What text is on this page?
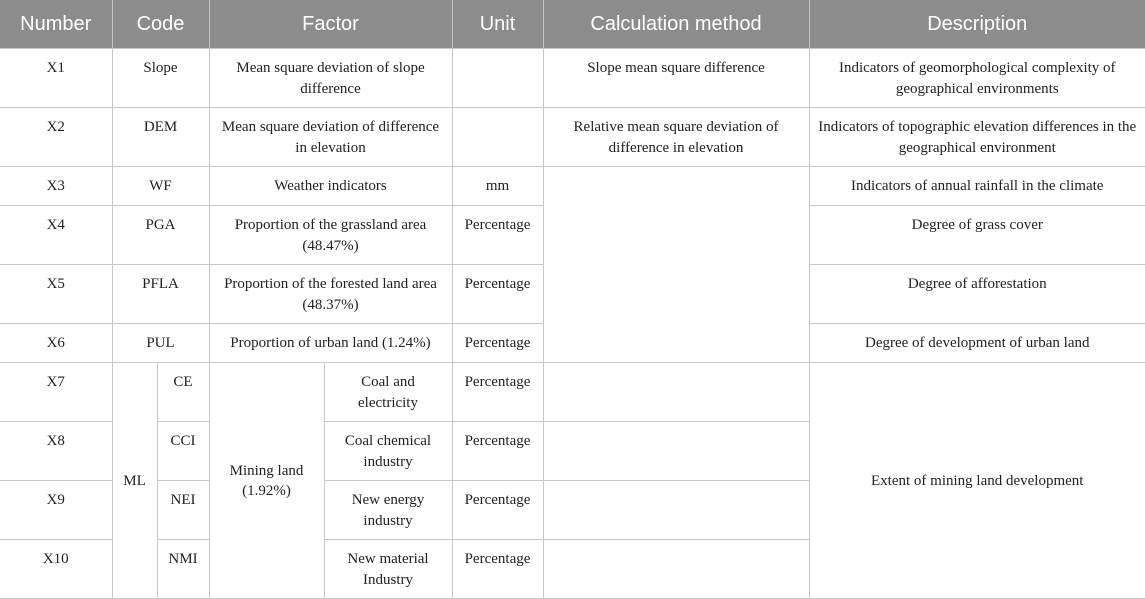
Number	Code		Factor		Unit	Calculation method	Description
X1	Slope		Mean square deviation of slope difference			Slope mean square difference	Indicators of geomorphological complexity of geographical environments
X2	DEM		Mean square deviation of difference in elevation			Relative mean square deviation of difference in elevation	Indicators of topographic elevation differences in the geographical environment
X3	WF		Weather indicators		mm		Indicators of annual rainfall in the climate
X4	PGA		Proportion of the grassland area (48.47%)		Percentage		Degree of grass cover
X5	PFLA		Proportion of the forested land area (48.37%)		Percentage		Degree of afforestation
X6	PUL		Proportion of urban land (1.24%)		Percentage		Degree of development of urban land
X7	ML	CE	Mining land (1.92%)	Coal and electricity	Percentage		Extent of mining land development
X8		CCI		Coal chemical industry	Percentage		
X9		NEI		New energy industry	Percentage		
X10		NMI		New material Industry	Percentage		
